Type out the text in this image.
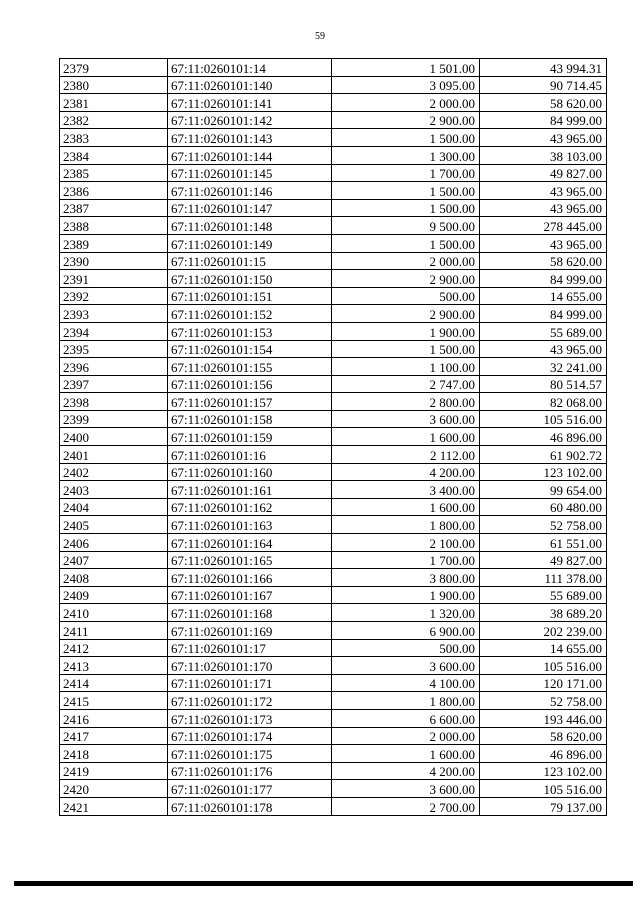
59
2379	67:11:0260101:14	1 501.00	43 994.31
2380	67:11:0260101:140	3 095.00	90 714.45
2381	67:11:0260101:141	2 000.00	58 620.00
2382	67:11:0260101:142	2 900.00	84 999.00
2383	67:11:0260101:143	1 500.00	43 965.00
2384	67:11:0260101:144	1 300.00	38 103.00
2385	67:11:0260101:145	1 700.00	49 827.00
2386	67:11:0260101:146	1 500.00	43 965.00
2387	67:11:0260101:147	1 500.00	43 965.00
2388	67:11:0260101:148	9 500.00	278 445.00
2389	67:11:0260101:149	1 500.00	43 965.00
2390	67:11:0260101:15	2 000.00	58 620.00
2391	67:11:0260101:150	2 900.00	84 999.00
2392	67:11:0260101:151	500.00	14 655.00
2393	67:11:0260101:152	2 900.00	84 999.00
2394	67:11:0260101:153	1 900.00	55 689.00
2395	67:11:0260101:154	1 500.00	43 965.00
2396	67:11:0260101:155	1 100.00	32 241.00
2397	67:11:0260101:156	2 747.00	80 514.57
2398	67:11:0260101:157	2 800.00	82 068.00
2399	67:11:0260101:158	3 600.00	105 516.00
2400	67:11:0260101:159	1 600.00	46 896.00
2401	67:11:0260101:16	2 112.00	61 902.72
2402	67:11:0260101:160	4 200.00	123 102.00
2403	67:11:0260101:161	3 400.00	99 654.00
2404	67:11:0260101:162	1 600.00	60 480.00
2405	67:11:0260101:163	1 800.00	52 758.00
2406	67:11:0260101:164	2 100.00	61 551.00
2407	67:11:0260101:165	1 700.00	49 827.00
2408	67:11:0260101:166	3 800.00	111 378.00
2409	67:11:0260101:167	1 900.00	55 689.00
2410	67:11:0260101:168	1 320.00	38 689.20
2411	67:11:0260101:169	6 900.00	202 239.00
2412	67:11:0260101:17	500.00	14 655.00
2413	67:11:0260101:170	3 600.00	105 516.00
2414	67:11:0260101:171	4 100.00	120 171.00
2415	67:11:0260101:172	1 800.00	52 758.00
2416	67:11:0260101:173	6 600.00	193 446.00
2417	67:11:0260101:174	2 000.00	58 620.00
2418	67:11:0260101:175	1 600.00	46 896.00
2419	67:11:0260101:176	4 200.00	123 102.00
2420	67:11:0260101:177	3 600.00	105 516.00
2421	67:11:0260101:178	2 700.00	79 137.00
